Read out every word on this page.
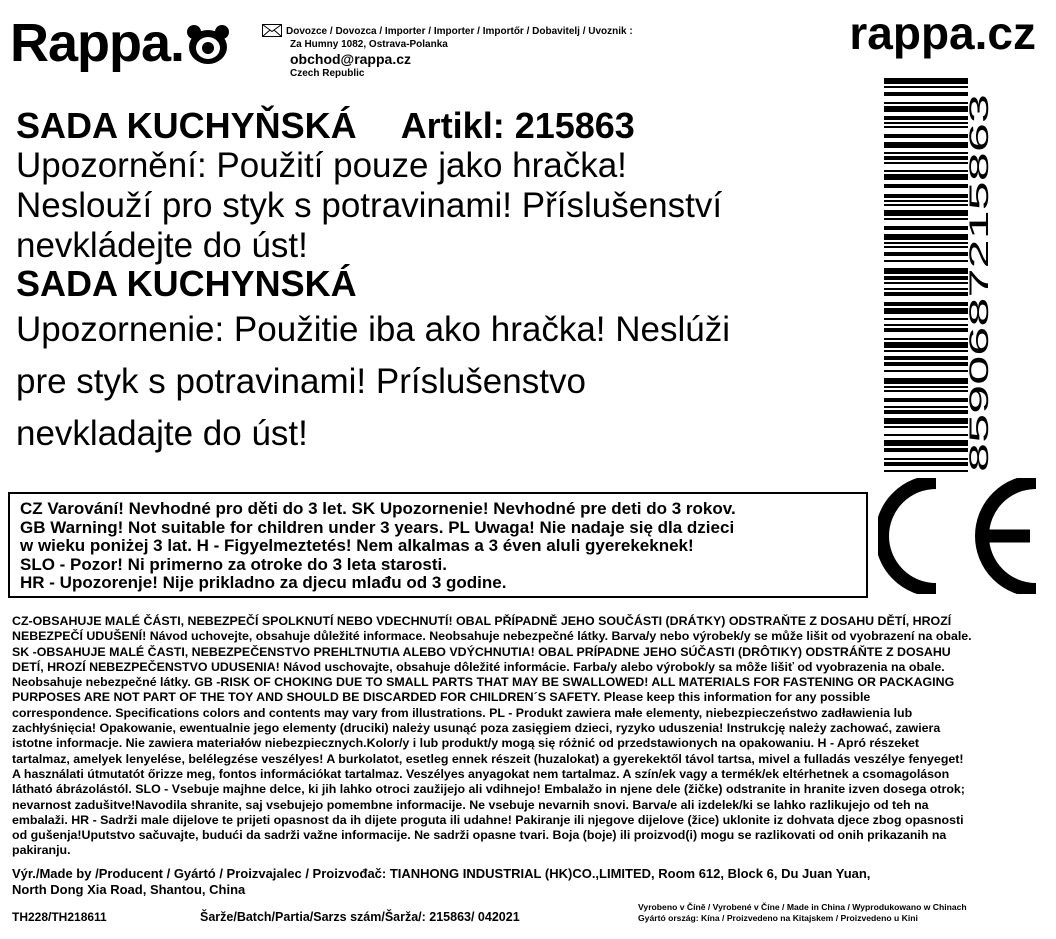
Rappa.	Dovozce / Dovozca / Importer / Importer / Importőr / Dobavitelj / Uvoznik :
Za Humny 1082, Ostrava-Polanka
obchod@rappa.cz
Czech Republic
rappa.cz
8590687215863

SADA KUCHYŇSKÁ Artikl: 215863

Upozornění: Použití pouze jako hračka!

Neslouží pro styk s potravinami! Příslušenství

nevkládejte do úst!

SADA KUCHYNSKÁ

Upozornenie: Použitie iba ako hračka! Neslúži

pre styk s potravinami! Príslušenstvo

nevkladajte do úst!

CZ Varování! Nevhodné pro děti do 3 let. SK Upozornenie! Nevhodné pre deti do 3 rokov.
GB Warning! Not suitable for children under 3 years. PL Uwaga! Nie nadaje się dla dzieci
w wieku poniżej 3 lat. H - Figyelmeztetés! Nem alkalmas a 3 éven aluli gyerekeknek!
SLO - Pozor! Ni primerno za otroke do 3 leta starosti.
HR - Upozorenje! Nije prikladno za djecu mlađu od 3 godine.
CZ-OBSAHUJE MALÉ ČÁSTI, NEBEZPEČÍ SPOLKNUTÍ NEBO VDECHNUTÍ! OBAL PŘÍPADNĚ JEHO SOUČÁSTI (DRÁTKY) ODSTRAŇTE Z DOSAHU DĚTÍ, HROZÍ
NEBEZPEČÍ UDUŠENÍ! Návod uchovejte, obsahuje důležité informace. Neobsahuje nebezpečné látky. Barva/y nebo výrobek/y se může lišit od vyobrazení na obale.
SK -OBSAHUJE MALÉ ČASTI, NEBEZPEČENSTVO PREHLTNUTIA ALEBO VDÝCHNUTIA! OBAL PRÍPADNE JEHO SÚČASTI (DRÔTIKY) ODSTRÁŇTE Z DOSAHU
DETÍ, HROZÍ NEBEZPEČENSTVO UDUSENIA! Návod uschovajte, obsahuje dôležité informácie. Farba/y alebo výrobok/y sa môže lišiť od vyobrazenia na obale.
Neobsahuje nebezpečné látky. GB -RISK OF CHOKING DUE TO SMALL PARTS THAT MAY BE SWALLOWED! ALL MATERIALS FOR FASTENING OR PACKAGING
PURPOSES ARE NOT PART OF THE TOY AND SHOULD BE DISCARDED FOR CHILDREN´S SAFETY. Please keep this information for any possible
correspondence. Specifications colors and contents may vary from illustrations. PL - Produkt zawiera małe elementy, niebezpieczeństwo zadławienia lub
zachłyśnięcia! Opakowanie, ewentualnie jego elementy (druciki) należy usunąć poza zasięgiem dzieci, ryzyko uduszenia! Instrukcję należy zachować, zawiera
istotne informacje. Nie zawiera materiałów niebezpiecznych.Kolor/y i lub produkt/y mogą się różnić od przedstawionych na opakowaniu. H - Apró részeket
tartalmaz, amelyek lenyelése, belélegzése veszélyes! A burkolatot, esetleg ennek részeit (huzalokat) a gyerekektől távol tartsa, mivel a fulladás veszélye fenyeget!
A használati útmutatót őrizze meg, fontos információkat tartalmaz. Veszélyes anyagokat nem tartalmaz. A szín/ek vagy a termék/ek eltérhetnek a csomagoláson
látható ábrázolástól. SLO - Vsebuje majhne delce, ki jih lahko otroci zaužijejo ali vdihnejo! Embalažo in njene dele (žičke) odstranite in hranite izven dosega otrok;
nevarnost zadušitve!Navodila shranite, saj vsebujejo pomembne informacije. Ne vsebuje nevarnih snovi. Barva/e ali izdelek/ki se lahko razlikujejo od teh na
embalaži. HR - Sadrži male dijelove te prijeti opasnost da ih dijete proguta ili udahne! Pakiranje ili njegove dijelove (žice) uklonite iz dohvata djece zbog opasnosti
od gušenja!Uputstvo sačuvajte, budući da sadrži važne informacije. Ne sadrži opasne tvari. Boja (boje) ili proizvod(i) mogu se razlikovati od onih prikazanih na
pakiranju.
Výr./Made by /Producent / Gyártó / Proizvajalec / Proizvođač: TIANHONG INDUSTRIAL (HK)CO.,LIMITED, Room 612, Block 6, Du Juan Yuan,
North Dong Xia Road, Shantou, China
TH228/TH218611	Šarže/Batch/Partia/Sarzs szám/Šarža/: 215863/ 042021
Vyrobeno v Číně / Vyrobené v Číne / Made in China / Wyprodukowano w Chinach
Gyártó ország: Kína / Proizvedeno na Kitajskem / Proizvedeno u Kini
